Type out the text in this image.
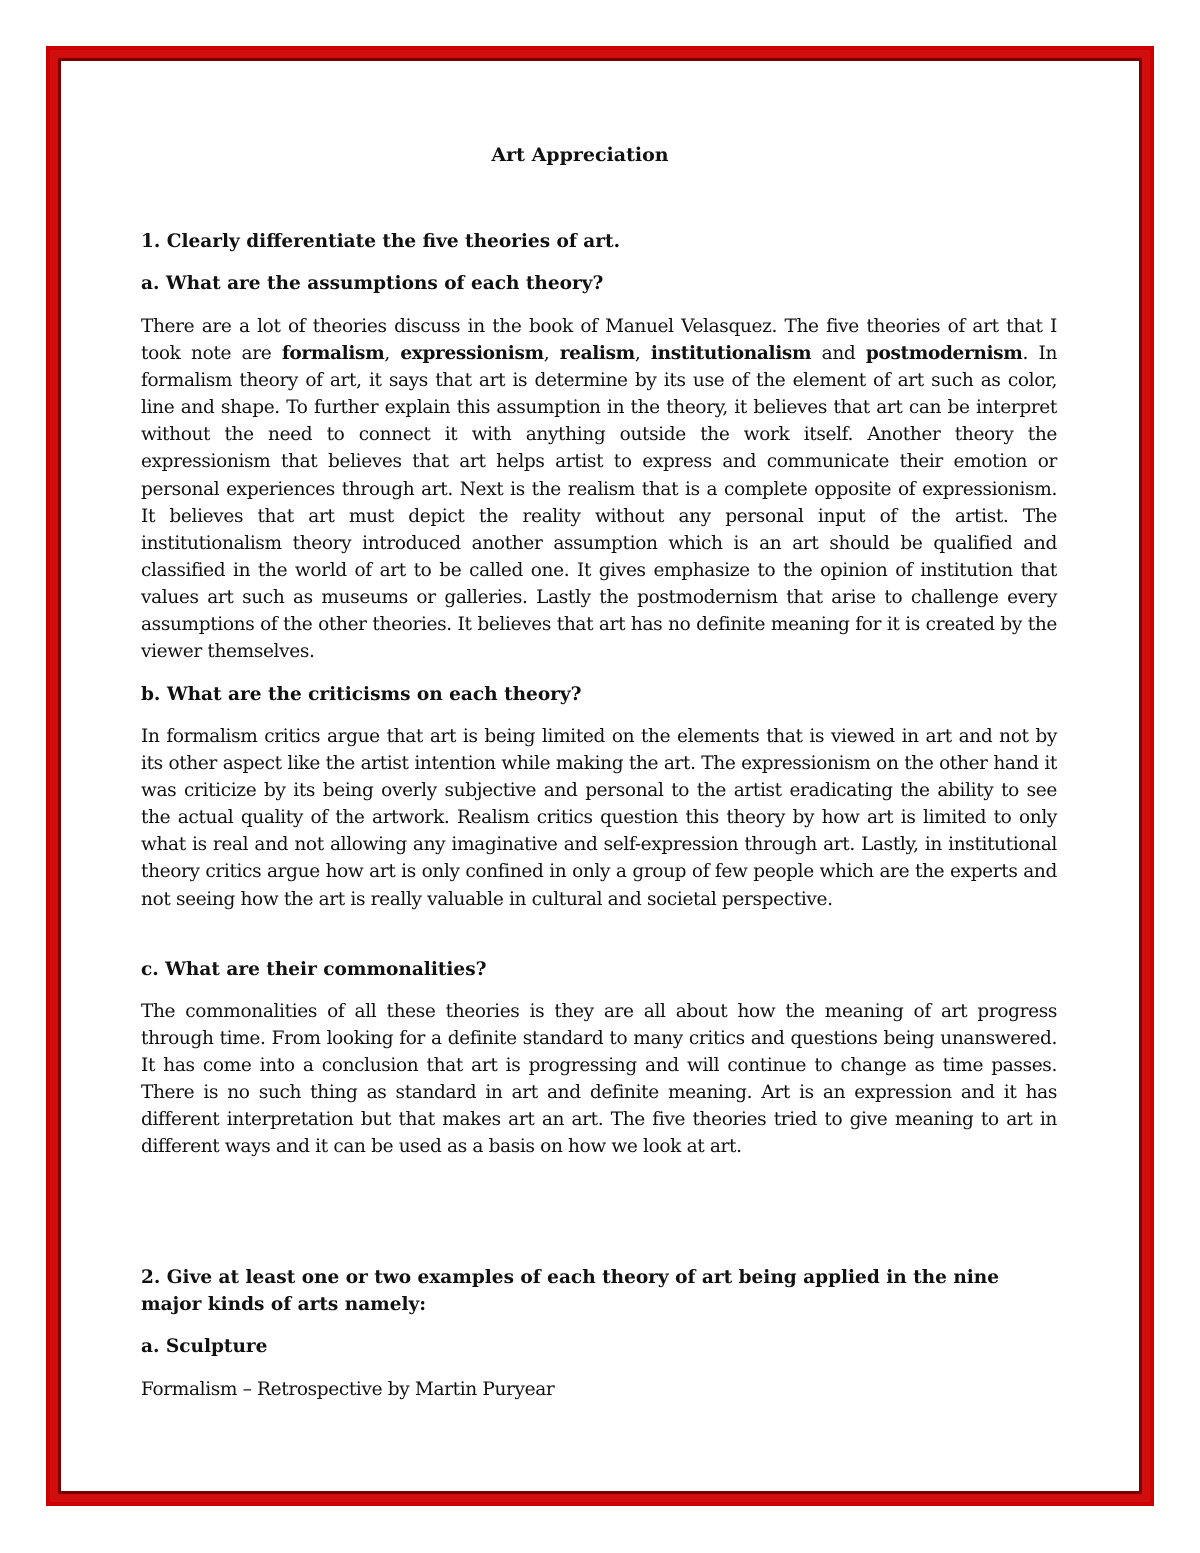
Art Appreciation
1. Clearly differentiate the five theories of art.
a. What are the assumptions of each theory?
There are a lot of theories discuss in the book of Manuel Velasquez. The five theories of art that I took note are formalism, expressionism, realism, institutionalism and postmodernism. In formalism theory of art, it says that art is determine by its use of the element of art such as color, line and shape. To further explain this assumption in the theory, it believes that art can be interpret without the need to connect it with anything outside the work itself. Another theory the expressionism that believes that art helps artist to express and communicate their emotion or personal experiences through art. Next is the realism that is a complete opposite of expressionism. It believes that art must depict the reality without any personal input of the artist. The institutionalism theory introduced another assumption which is an art should be qualified and classified in the world of art to be called one. It gives emphasize to the opinion of institution that values art such as museums or galleries. Lastly the postmodernism that arise to challenge every assumptions of the other theories. It believes that art has no definite meaning for it is created by the viewer themselves.
b. What are the criticisms on each theory?
In formalism critics argue that art is being limited on the elements that is viewed in art and not by its other aspect like the artist intention while making the art. The expressionism on the other hand it was criticize by its being overly subjective and personal to the artist eradicating the ability to see the actual quality of the artwork. Realism critics question this theory by how art is limited to only what is real and not allowing any imaginative and self-expression through art. Lastly, in institutional theory critics argue how art is only confined in only a group of few people which are the experts and not seeing how the art is really valuable in cultural and societal perspective.
c. What are their commonalities?
The commonalities of all these theories is they are all about how the meaning of art progress through time. From looking for a definite standard to many critics and questions being unanswered. It has come into a conclusion that art is progressing and will continue to change as time passes. There is no such thing as standard in art and definite meaning. Art is an expression and it has different interpretation but that makes art an art. The five theories tried to give meaning to art in different ways and it can be used as a basis on how we look at art.
2. Give at least one or two examples of each theory of art being applied in the nine major kinds of arts namely:
a. Sculpture
Formalism – Retrospective by Martin Puryear
